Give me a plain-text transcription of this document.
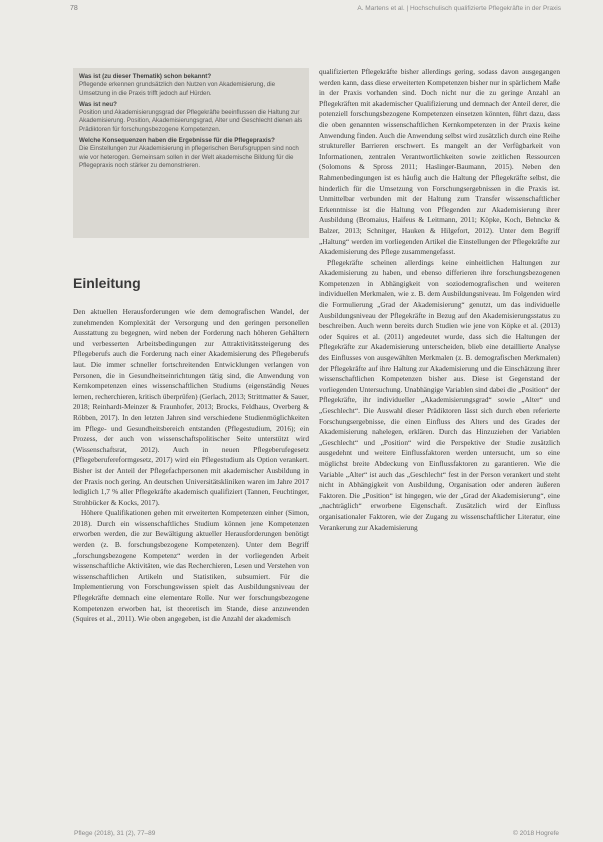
78	A. Martens et al. | Hochschulisch qualifizierte Pflegekräfte in der Praxis
Was ist (zu dieser Thematik) schon bekannt?
Pflegende erkennen grundsätzlich den Nutzen von Akademisierung, die Umsetzung in die Praxis trifft jedoch auf Hürden.
Was ist neu?
Position und Akademisierungsgrad der Pflegekräfte beeinflussen die Haltung zur Akademisierung. Position, Akademisierungsgrad, Alter und Geschlecht dienen als Prädiktoren für forschungsbezogene Kompetenzen.
Welche Konsequenzen haben die Ergebnisse für die Pflegepraxis?
Die Einstellungen zur Akademisierung in pflegerischen Berufsgruppen sind noch wie vor heterogen. Gemeinsam sollen in der Welt akademische Bildung für die Pflegepraxis noch stärker zu demonstrieren.
Einleitung

Den aktuellen Herausforderungen wie dem demografischen Wandel, der zunehmenden Komplexität der Versorgung und den geringen personellen Ausstattung zu begegnen, wird neben der Forderung nach höheren Gehältern und verbesserten Arbeitsbedingungen zur Attraktivitätssteigerung des Pflegeberufs auch die Forderung nach einer Akademisierung des Pflegeberufs laut. Die immer schneller fortschreitenden Entwicklungen verlangen von Personen, die in Gesundheitseinrichtungen tätig sind, die Anwendung von Kernkompetenzen eines wissenschaftlichen Studiums (eigenständig Neues lernen, recherchieren, kritisch überprüfen) (Gerlach, 2013; Strittmatter & Sauer, 2018; Reinhardt-Meinzer & Fraunhofer, 2013; Brocks, Feldhaus, Overberg & Röbben, 2017). In den letzten Jahren sind verschiedene Studienmöglichkeiten im Pflege- und Gesundheitsbereich entstanden (Pflegestudium, 2016); ein Prozess, der auch von wissenschaftspolitischer Seite unterstützt wird (Wissenschaftsrat, 2012). Auch in neuen Pflegeberufegesetz (Pflegeberufereformgesetz, 2017) wird ein Pflegestudium als Option verankert. Bisher ist der Anteil der Pflegefachpersonen mit akademischer Ausbildung in der Praxis noch gering. An deutschen Universitätskliniken waren im Jahre 2017 lediglich 1,7 % aller Pflegekräfte akademisch qualifiziert (Tannen, Feuchtinger, Strohbücker & Kocks, 2017).

Höhere Qualifikationen gehen mit erweiterten Kompetenzen einher (Simon, 2018). Durch ein wissenschaftliches Studium können jene Kompetenzen erworben werden, die zur Bewältigung aktueller Herausforderungen benötigt werden (z. B. forschungsbezogene Kompetenzen). Unter dem Begriff „forschungsbezogene Kompetenz“ werden in der vorliegenden Arbeit wissenschaftliche Aktivitäten, wie das Recherchieren, Lesen und Verstehen von wissenschaftlichen Artikeln und Statistiken, subsumiert. Für die Implementierung von Forschungswissen spielt das Ausbildungsniveau der Pflegekräfte demnach eine elementare Rolle. Nur wer forschungsbezogene Kompetenzen erworben hat, ist theoretisch im Stande, diese anzuwenden (Squires et al., 2011). Wie oben angegeben, ist die Anzahl der akademisch

qualifizierten Pflegekräfte bisher allerdings gering, sodass davon ausgegangen werden kann, dass diese erweiterten Kompetenzen bisher nur in spärlichem Maße in der Praxis vorhanden sind. Doch nicht nur die zu geringe Anzahl an Pflegekräften mit akademischer Qualifizierung und demnach der Anteil derer, die potenziell forschungsbezogene Kompetenzen einsetzen könnten, führt dazu, dass die oben genannten wissenschaftlichen Kernkompetenzen in der Praxis keine Anwendung finden. Auch die Anwendung selbst wird zusätzlich durch eine Reihe struktureller Barrieren erschwert. Es mangelt an der Verfügbarkeit von Informationen, zentralen Verantwortlichkeiten sowie zeitlichen Ressourcen (Solomons & Spross 2011; Haslinger-Baumann, 2015). Neben den Rahmenbedingungen ist es häufig auch die Haltung der Pflegekräfte selbst, die hinderlich für die Umsetzung von Forschungsergebnissen in die Praxis ist. Unmittelbar verbunden mit der Haltung zum Transfer wissenschaftlicher Erkenntnisse ist die Haltung von Pflegenden zur Akademisierung ihrer Ausbildung (Bromaius, Haifeus & Leitmann, 2011; Köpke, Koch, Behncke & Balzer, 2013; Schnitger, Hauken & Hilgefort, 2012). Unter dem Begriff „Haltung“ werden im vorliegenden Artikel die Einstellungen der Pflegekräfte zur Akademisierung des Pflege zusammengefasst.

Pflegekräfte scheinen allerdings keine einheitlichen Haltungen zur Akademisierung zu haben, und ebenso differieren ihre forschungsbezogenen Kompetenzen in Abhängigkeit von soziodemografischen und weiteren individuellen Merkmalen, wie z. B. dem Ausbildungsniveau. Im Folgenden wird die Formulierung „Grad der Akademisierung“ genutzt, um das individuelle Ausbildungsniveau der Pflegekräfte in Bezug auf den Akademisierungsstatus zu beschreiben. Auch wenn bereits durch Studien wie jene von Köpke et al. (2013) oder Squires et al. (2011) angedeutet wurde, dass sich die Haltungen der Pflegekräfte zur Akademisierung unterscheiden, blieb eine detaillierte Analyse des Einflusses von ausgewählten Merkmalen (z. B. demografischen Merkmalen) der Pflegekräfte auf ihre Haltung zur Akademisierung und die Einschätzung ihrer wissenschaftlichen Kompetenzen bisher aus. Diese ist Gegenstand der vorliegenden Untersuchung. Unabhängige Variablen sind dabei die „Position“ der Pflegekräfte, ihr individueller „Akademisierungsgrad“ sowie „Alter“ und „Geschlecht“. Die Auswahl dieser Prädiktoren lässt sich durch eben referierte Forschungsergebnisse, die einen Einfluss des Alters und des Grades der Akademisierung nahelegen, erklären. Durch das Hinzuziehen der Variablen „Geschlecht“ und „Position“ wird die Perspektive der Studie zusätzlich ausgedehnt und weitere Einflussfaktoren werden untersucht, um so eine möglichst breite Abdeckung von Einflussfaktoren zu garantieren. Wie die Variable „Alter“ ist auch das „Geschlecht“ fest in der Person verankert und steht nicht in Abhängigkeit von Ausbildung, Organisation oder anderen äußeren Faktoren. Die „Position“ ist hingegen, wie der „Grad der Akademisierung“, eine „nachträglich“ erworbene Eigenschaft. Zusätzlich wird der Einfluss organisationaler Faktoren, wie der Zugang zu wissenschaftlicher Literatur, eine Verankerung zur Akademisierung

Pflege (2018), 31 (2), 77–89	© 2018 Hogrefe
